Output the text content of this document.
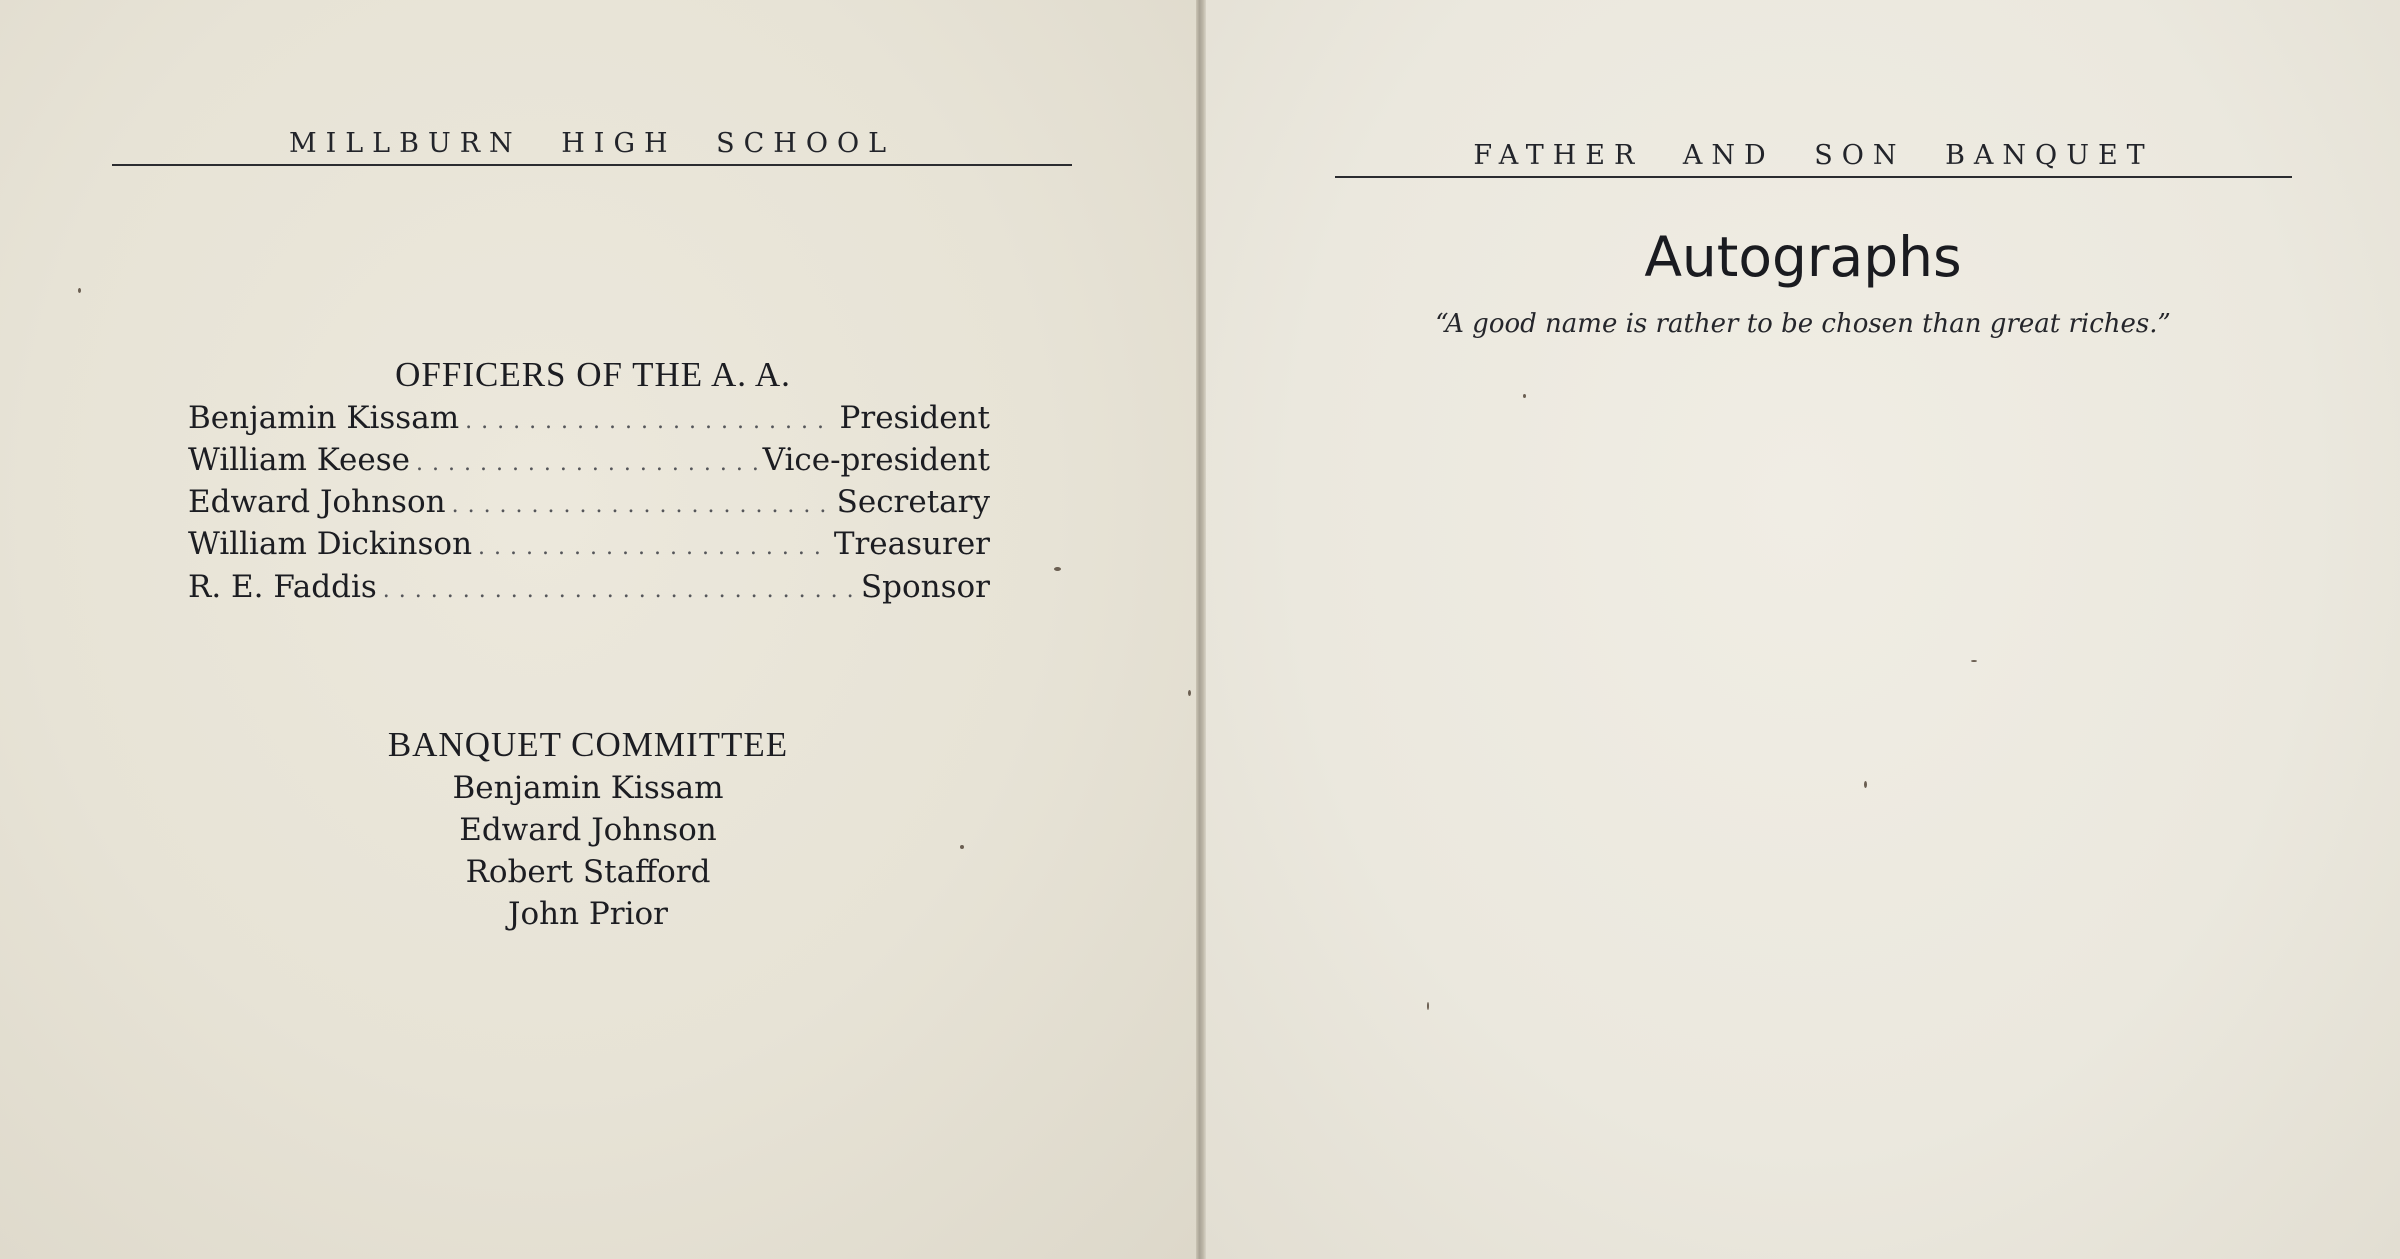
MILLBURN HIGH SCHOOL
OFFICERS OF THE A. A.
Benjamin Kissam .....	President
William Keese .....	Vice-president
Edward Johnson .....	Secretary
William Dickinson .....	Treasurer
R. E. Faddis .....	Sponsor
BANQUET COMMITTEE
Benjamin Kissam
Edward Johnson
Robert Stafford
John Prior
FATHER AND SON BANQUET
Autographs
“A good name is rather to be chosen than great riches.”
